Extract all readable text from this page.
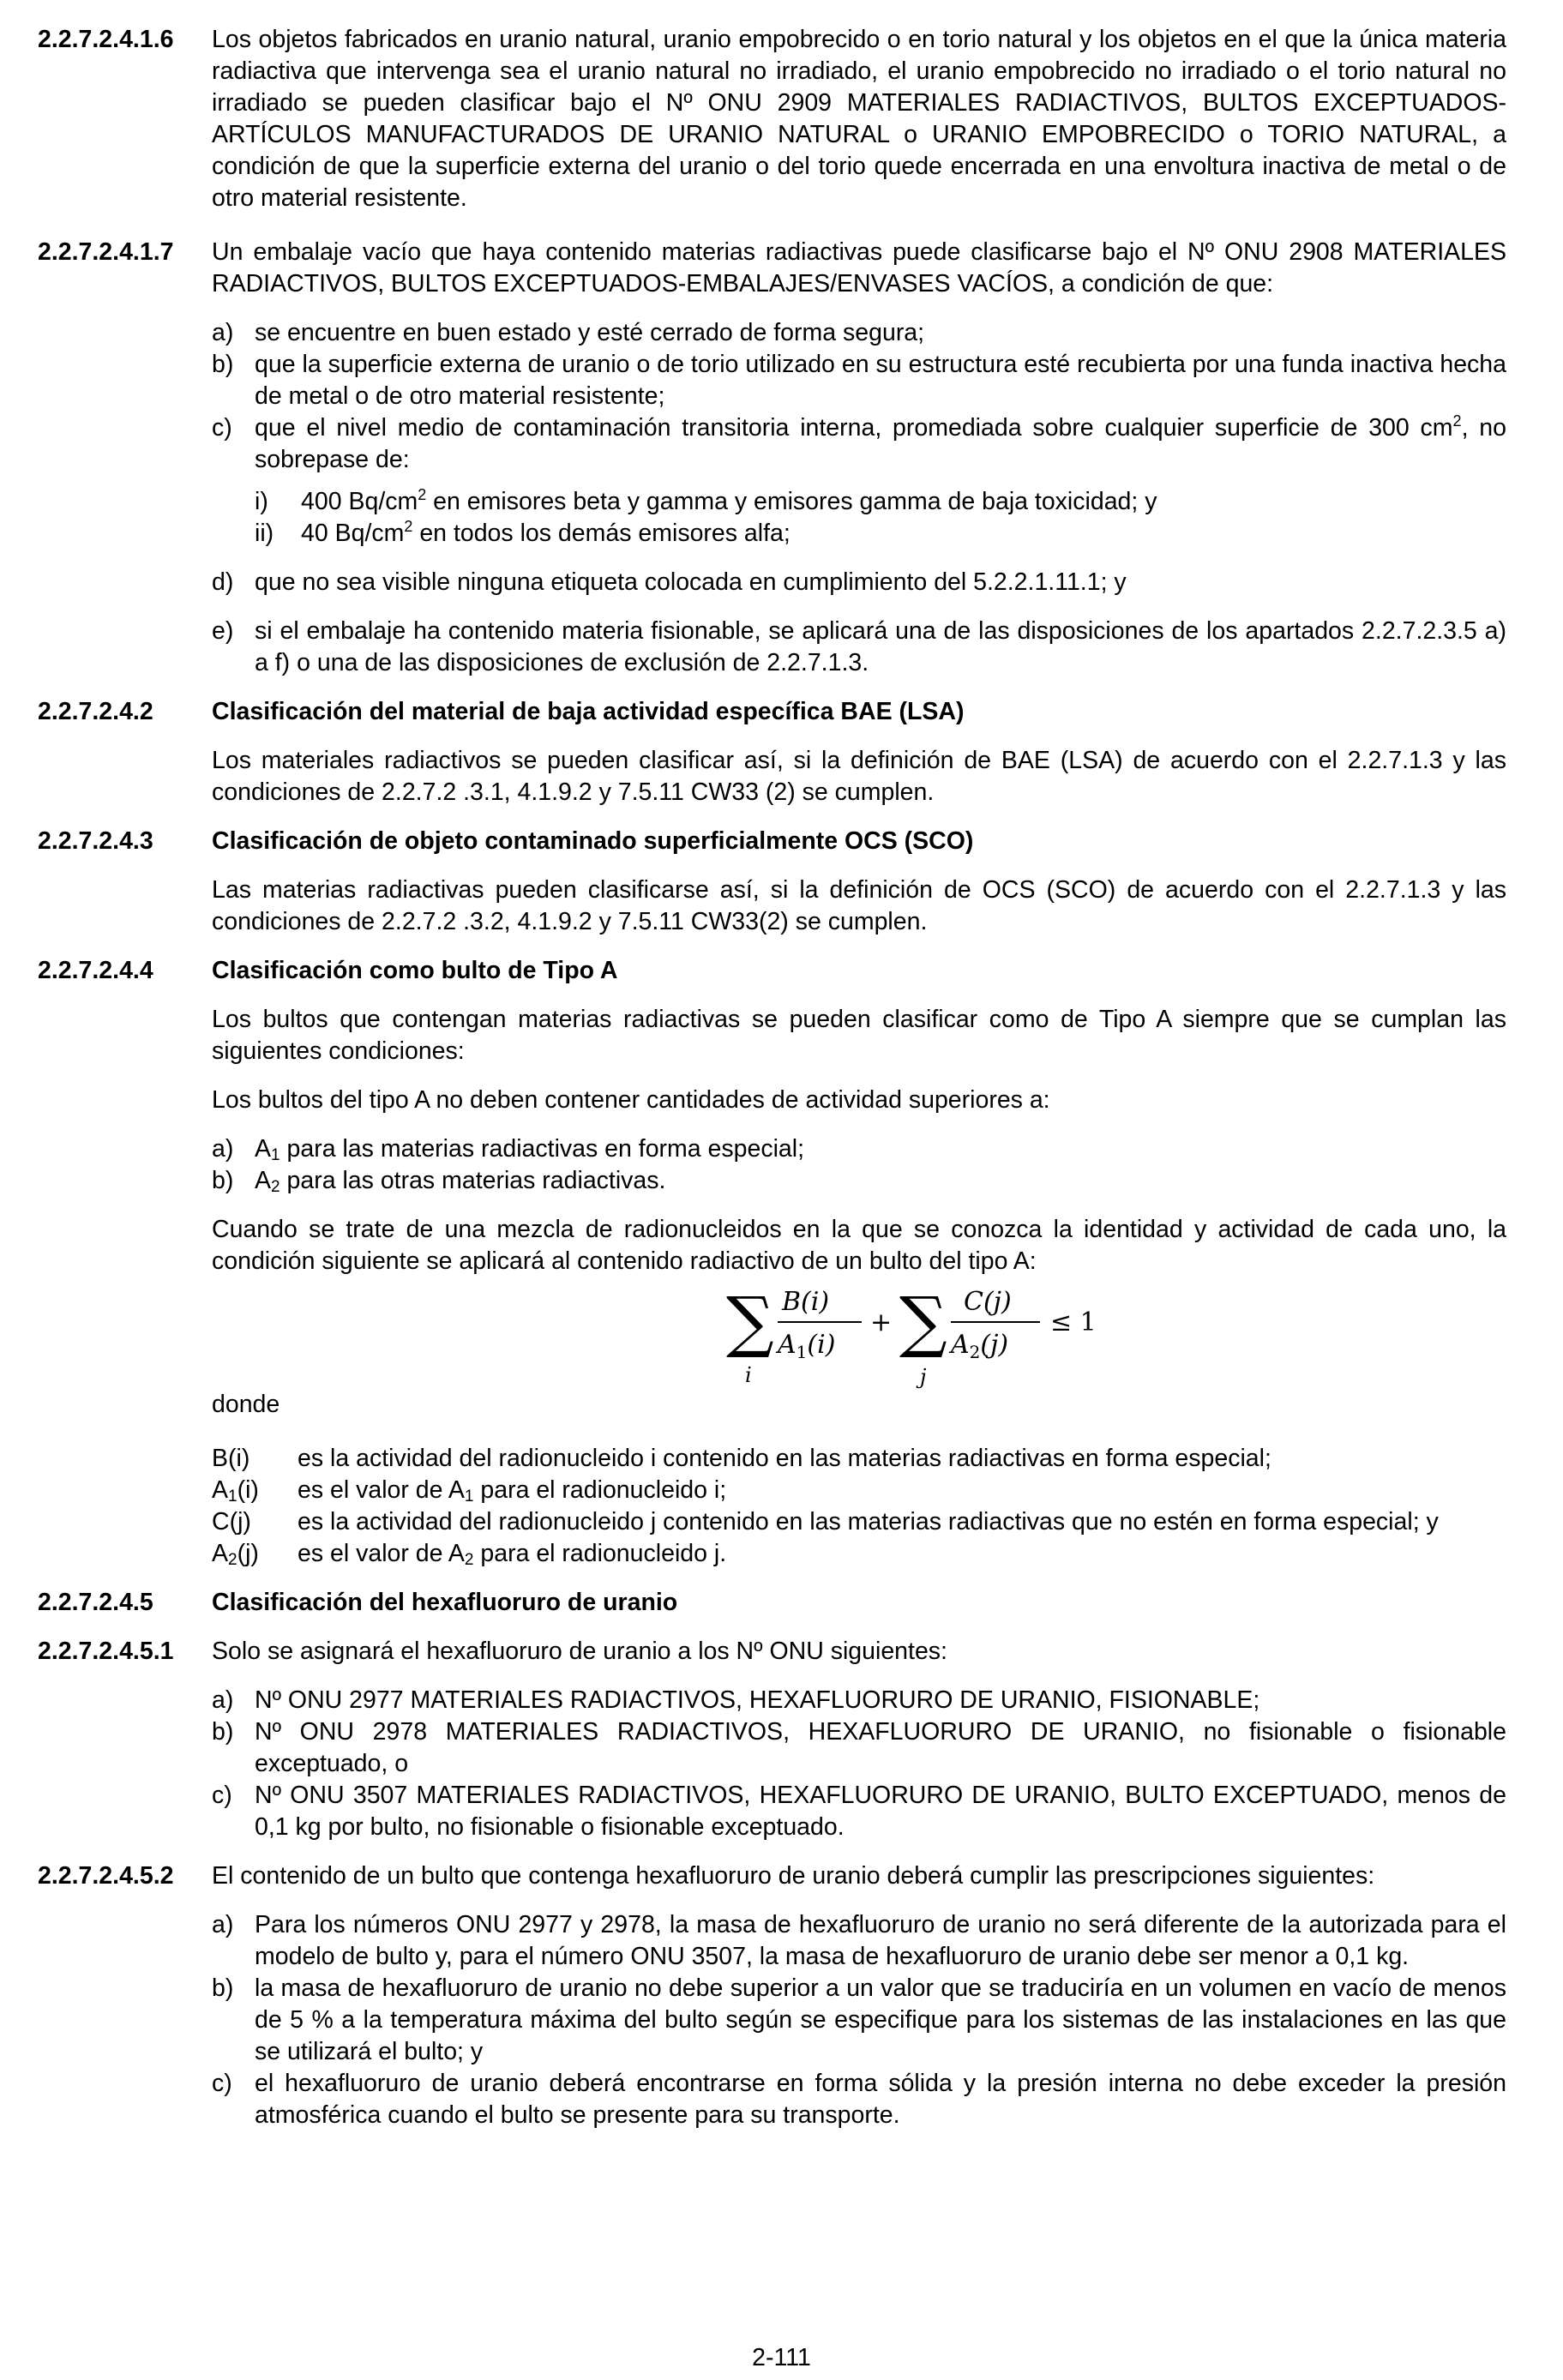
2.2.7.2.4.1.6	Los objetos fabricados en uranio natural, uranio empobrecido o en torio natural y los objetos en el que la única materia radiactiva que intervenga sea el uranio natural no irradiado, el uranio empobrecido no irradiado o el torio natural no irradiado se pueden clasificar bajo el Nº ONU 2909 MATERIALES RADIACTIVOS, BULTOS EXCEPTUADOS-ARTÍCULOS MANUFACTURADOS DE URANIO NATURAL o URANIO EMPOBRECIDO o TORIO NATURAL, a condición de que la superficie externa del uranio o del torio quede encerrada en una envoltura inactiva de metal o de otro material resistente.
2.2.7.2.4.1.7	Un embalaje vacío que haya contenido materias radiactivas puede clasificarse bajo el Nº ONU 2908 MATERIALES RADIACTIVOS, BULTOS EXCEPTUADOS-EMBALAJES/ENVASES VACÍOS, a condición de que:
a) se encuentre en buen estado y esté cerrado de forma segura;
b) que la superficie externa de uranio o de torio utilizado en su estructura esté recubierta por una funda inactiva hecha de metal o de otro material resistente;
c) que el nivel medio de contaminación transitoria interna, promediada sobre cualquier superficie de 300 $cm^2$, no sobrepase de:
i)	400 $Bq/cm^2$ en emisores beta y gamma y emisores gamma de baja toxicidad; y
ii)	40 $Bq/cm^2$ en todos los demás emisores alfa;
d) que no sea visible ninguna etiqueta colocada en cumplimiento del 5.2.2.1.11.1; y
e) si el embalaje ha contenido materia fisionable, se aplicará una de las disposiciones de los apartados 2.2.7.2.3.5 a) a f) o una de las disposiciones de exclusión de 2.2.7.1.3.
2.2.7.2.4.2	Clasificación del material de baja actividad específica BAE (LSA)
Los materiales radiactivos se pueden clasificar así, si la definición de BAE (LSA) de acuerdo con el 2.2.7.1.3 y las condiciones de 2.2.7.2 .3.1, 4.1.9.2 y 7.5.11 CW33 (2) se cumplen.
2.2.7.2.4.3	Clasificación de objeto contaminado superficialmente OCS (SCO)
Las materias radiactivas pueden clasificarse así, si la definición de OCS (SCO) de acuerdo con el 2.2.7.1.3 y las condiciones de 2.2.7.2 .3.2, 4.1.9.2 y 7.5.11 CW33(2) se cumplen.
2.2.7.2.4.4	Clasificación como bulto de Tipo A
Los bultos que contengan materias radiactivas se pueden clasificar como de Tipo A siempre que se cumplan las siguientes condiciones:
Los bultos del tipo A no deben contener cantidades de actividad superiores a:
a) $A_1$ para las materias radiactivas en forma especial;
b) $A_2$ para las otras materias radiactivas.
Cuando se trate de una mezcla de radionucleidos en la que se conozca la identidad y actividad de cada uno, la condición siguiente se aplicará al contenido radiactivo de un bulto del tipo A:
∑
i
B(i)
$A_1(i)$
+ ∑
j
C(j)
$A_2(j)$
≤ 1
donde
B(i)	es la actividad del radionucleido i contenido en las materias radiactivas en forma especial;
$A_1(i)$	es el valor de $A_1$ para el radionucleido i;
C(j)	es la actividad del radionucleido j contenido en las materias radiactivas que no estén en forma especial; y
$A_2(j)$	es el valor de $A_2$ para el radionucleido j.
2.2.7.2.4.5	Clasificación del hexafluoruro de uranio
2.2.7.2.4.5.1	Solo se asignará el hexafluoruro de uranio a los Nº ONU siguientes:
a) Nº ONU 2977 MATERIALES RADIACTIVOS, HEXAFLUORURO DE URANIO, FISIONABLE;
b) Nº ONU 2978 MATERIALES RADIACTIVOS, HEXAFLUORURO DE URANIO, no fisionable o fisionable exceptuado, o
c) Nº ONU 3507 MATERIALES RADIACTIVOS, HEXAFLUORURO DE URANIO, BULTO EXCEPTUADO, menos de 0,1 kg por bulto, no fisionable o fisionable exceptuado.
2.2.7.2.4.5.2	El contenido de un bulto que contenga hexafluoruro de uranio deberá cumplir las prescripciones siguientes:
a) Para los números ONU 2977 y 2978, la masa de hexafluoruro de uranio no será diferente de la autorizada para el modelo de bulto y, para el número ONU 3507, la masa de hexafluoruro de uranio debe ser menor a 0,1 kg.
b) la masa de hexafluoruro de uranio no debe superior a un valor que se traduciría en un volumen en vacío de menos de 5 % a la temperatura máxima del bulto según se especifique para los sistemas de las instalaciones en las que se utilizará el bulto; y
c) el hexafluoruro de uranio deberá encontrarse en forma sólida y la presión interna no debe exceder la presión atmosférica cuando el bulto se presente para su transporte.
2-111
